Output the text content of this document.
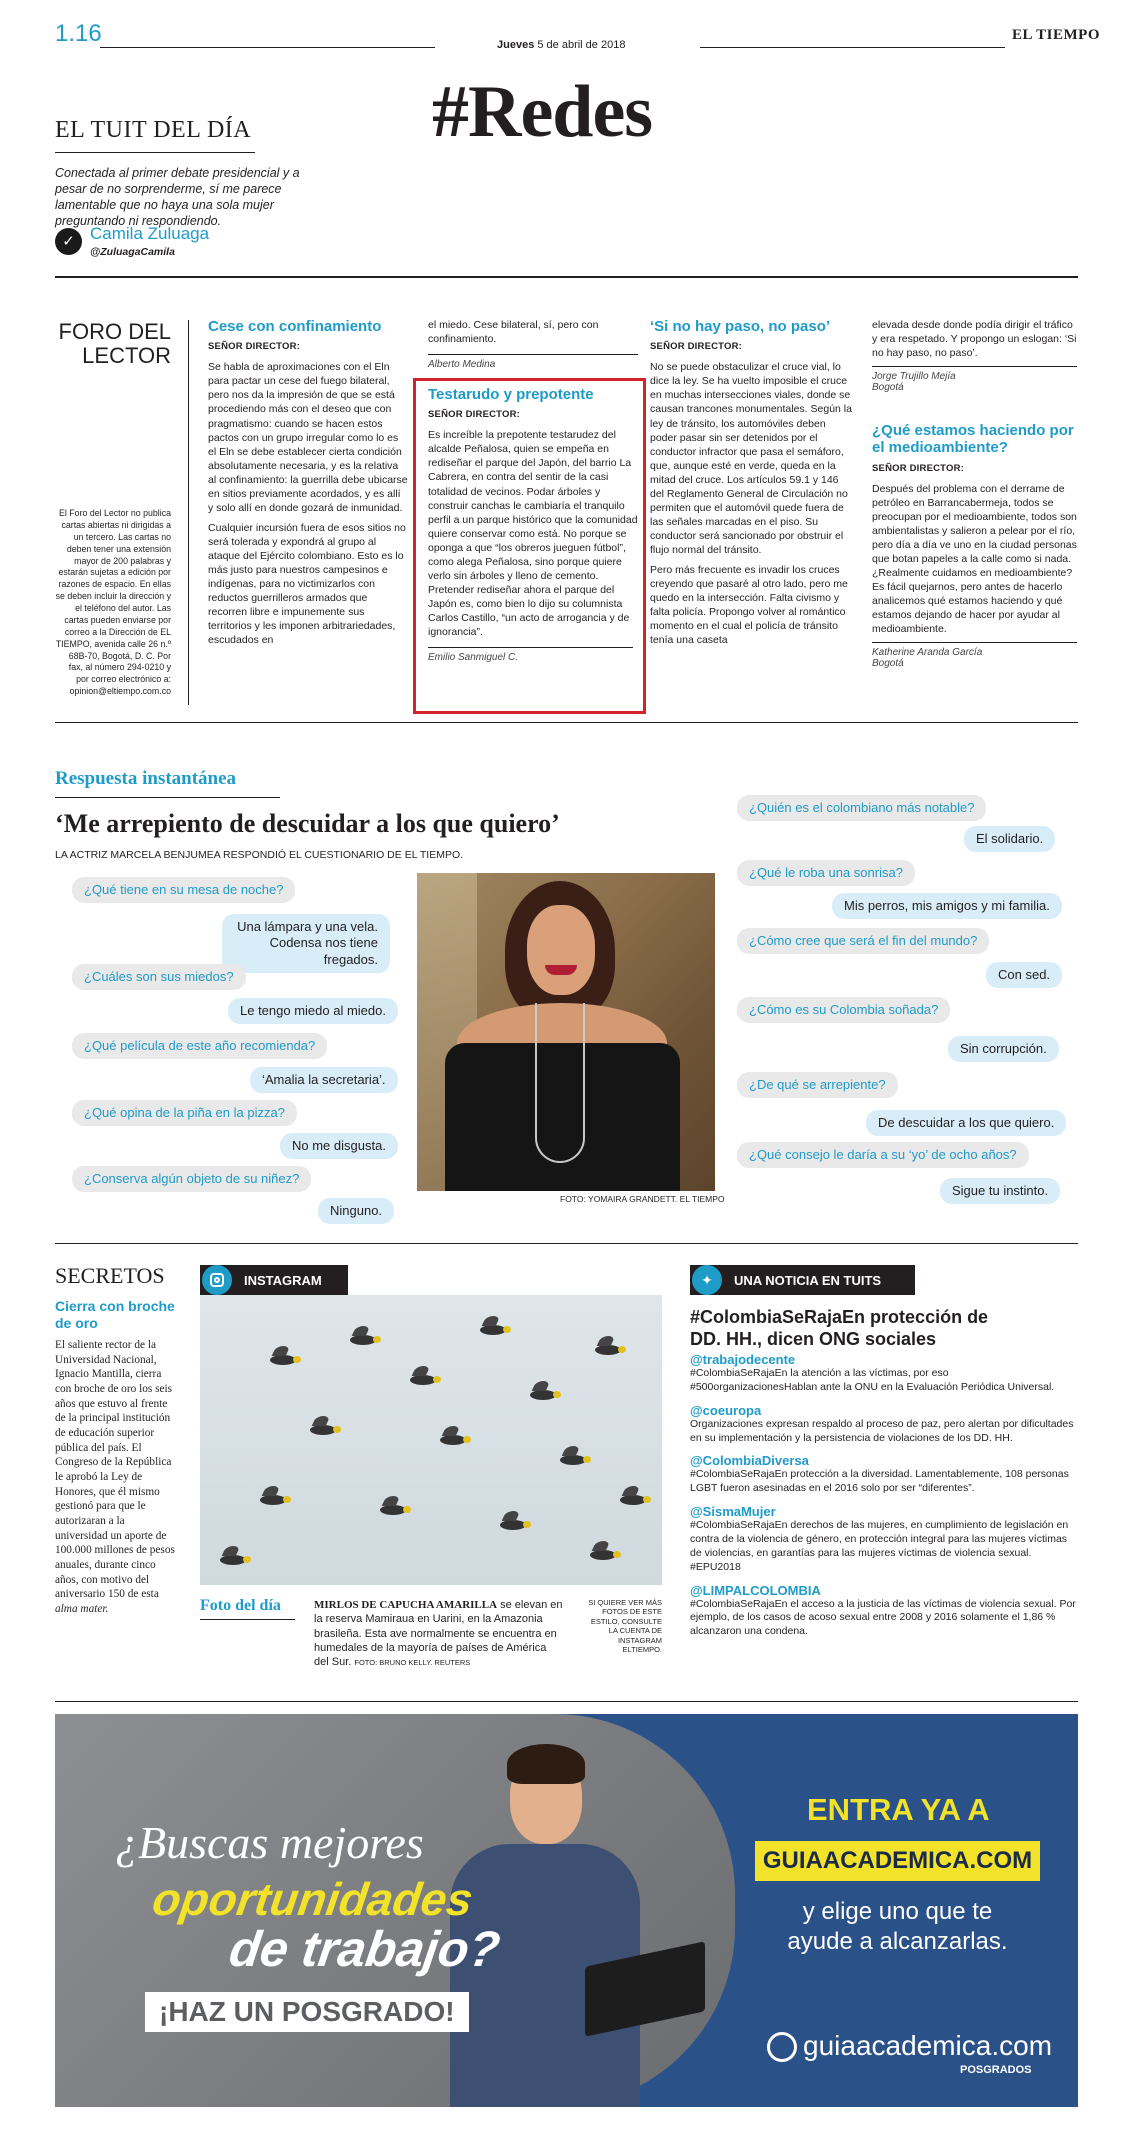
1.16	Jueves 5 de abril de 2018
EL TIEMPO
#Redes
EL TUIT DEL DÍA
Conectada al primer debate presidencial y a pesar de no sorprenderme, sí me parece lamentable que no haya una sola mujer preguntando ni respondiendo.
✓ Camila Zuluaga
@ZuluagaCamila
FORO DEL
LECTOR
El Foro del Lector no publica cartas abiertas ni dirigidas a un tercero. Las cartas no deben tener una extensión mayor de 200 palabras y estarán sujetas a edición por razones de espacio. En ellas se deben incluir la dirección y el teléfono del autor. Las cartas pueden enviarse por correo a la Dirección de EL TIEMPO, avenida calle 26 n.º 68B-70, Bogotá, D. C. Por fax, al número 294-0210 y por correo electrónico a: opinion@eltiempo.com.co
Cese con confinamiento
SEÑOR DIRECTOR:

Se habla de aproximaciones con el Eln para pactar un cese del fuego bilateral, pero nos da la impresión de que se está procediendo más con el deseo que con pragmatismo: cuando se hacen estos pactos con un grupo irregular como lo es el Eln se debe establecer cierta condición absolutamente necesaria, y es la relativa al confinamiento: la guerrilla debe ubicarse en sitios previamente acordados, y es allí y solo allí en donde gozará de inmunidad.

Cualquier incursión fuera de esos sitios no será tolerada y expondrá al grupo al ataque del Ejército colombiano. Esto es lo más justo para nuestros campesinos e indígenas, para no victimizarlos con reductos guerrilleros armados que recorren libre e impunemente sus territorios y les imponen arbitrariedades, escudados en

el miedo. Cese bilateral, sí, pero con confinamiento.

Alberto Medina
Testarudo y prepotente
SEÑOR DIRECTOR:

Es increíble la prepotente testarudez del alcalde Peñalosa, quien se empeña en rediseñar el parque del Japón, del barrio La Cabrera, en contra del sentir de la casi totalidad de vecinos. Podar árboles y construir canchas le cambiaría el tranquilo perfil a un parque histórico que la comunidad quiere conservar como está. No porque se oponga a que “los obreros jueguen fútbol”, como alega Peñalosa, sino porque quiere verlo sin árboles y lleno de cemento. Pretender rediseñar ahora el parque del Japón es, como bien lo dijo su columnista Carlos Castillo, “un acto de arrogancia y de ignorancia”.

Emilio Sanmiguel C.
‘Si no hay paso, no paso’
SEÑOR DIRECTOR:

No se puede obstaculizar el cruce vial, lo dice la ley. Se ha vuelto imposible el cruce en muchas intersecciones viales, donde se causan trancones monumentales. Según la ley de tránsito, los automóviles deben poder pasar sin ser detenidos por el conductor infractor que pasa el semáforo, que, aunque esté en verde, queda en la mitad del cruce. Los artículos 59.1 y 146 del Reglamento General de Circulación no permiten que el automóvil quede fuera de las señales marcadas en el piso. Su conductor será sancionado por obstruir el flujo normal del tránsito.

Pero más frecuente es invadir los cruces creyendo que pasaré al otro lado, pero me quedo en la intersección. Falta civismo y falta policía. Propongo volver al romántico momento en el cual el policía de tránsito tenía una caseta

elevada desde donde podía dirigir el tráfico y era respetado. Y propongo un eslogan: ‘Si no hay paso, no paso’.

Jorge Trujillo Mejía
Bogotá
¿Qué estamos haciendo por el medioambiente?
SEÑOR DIRECTOR:

Después del problema con el derrame de petróleo en Barrancabermeja, todos se preocupan por el medioambiente, todos son ambientalistas y salieron a pelear por el río, pero día a día ve uno en la ciudad personas que botan papeles a la calle como si nada. ¿Realmente cuidamos en medioambiente? Es fácil quejarnos, pero antes de hacerlo analicemos qué estamos haciendo y qué estamos dejando de hacer por ayudar al medioambiente.

Katherine Aranda García
Bogotá
Respuesta instantánea
‘Me arrepiento de descuidar a los que quiero’
LA ACTRIZ MARCELA BENJUMEA RESPONDIÓ EL CUESTIONARIO DE EL TIEMPO.
¿Qué tiene en su mesa de noche?
Una lámpara y una vela.
Codensa nos tiene fregados.
¿Cuáles son sus miedos?
Le tengo miedo al miedo.
¿Qué película de este año recomienda?
‘Amalia la secretaria’.
¿Qué opina de la piña en la pizza?
No me disgusta.
¿Conserva algún objeto de su niñez?
Ninguno.
FOTO: YOMAIRA GRANDETT. EL TIEMPO
¿Quién es el colombiano más notable?
El solidario.
¿Qué le roba una sonrisa?
Mis perros, mis amigos y mi familia.
¿Cómo cree que será el fin del mundo?
Con sed.
¿Cómo es su Colombia soñada?
Sin corrupción.
¿De qué se arrepiente?
De descuidar a los que quiero.
¿Qué consejo le daría a su ‘yo’ de ocho años?
Sigue tu instinto.
SECRETOS
Cierra con broche de oro
El saliente rector de la Universidad Nacional, Ignacio Mantilla, cierra con broche de oro los seis años que estuvo al frente de la principal institución de educación superior pública del país. El Congreso de la República le aprobó la Ley de Honores, que él mismo gestionó para que le autorizaran a la universidad un aporte de 100.000 millones de pesos anuales, durante cinco años, con motivo del aniversario 150 de esta alma mater.
INSTAGRAM
Foto del día	MIRLOS DE CAPUCHA AMARILLA se elevan en la reserva Mamiraua en Uarini, en la Amazonia brasileña. Esta ave normalmente se encuentra en humedales de la mayoría de países de América del Sur. FOTO: BRUNO KELLY. REUTERS
SI QUIERE VER MÁS FOTOS DE ESTE ESTILO, CONSULTE LA CUENTA DE INSTAGRAM ELTIEMPO.
✦	UNA NOTICIA EN TUITS
#ColombiaSeRajaEn protección de DD. HH., dicen ONG sociales
@trabajodecente
#ColombiaSeRajaEn la atención a las víctimas, por eso #500organizacionesHablan ante la ONU en la Evaluación Periódica Universal.
@coeuropa
Organizaciones expresan respaldo al proceso de paz, pero alertan por dificultades en su implementación y la persistencia de violaciones de los DD. HH.
@ColombiaDiversa
#ColombiaSeRajaEn protección a la diversidad. Lamentablemente, 108 personas LGBT fueron asesinadas en el 2016 solo por ser “diferentes”.
@SismaMujer
#ColombiaSeRajaEn derechos de las mujeres, en cumplimiento de legislación en contra de la violencia de género, en protección integral para las mujeres víctimas de violencias, en garantías para las mujeres víctimas de violencia sexual. #EPU2018
@LIMPALCOLOMBIA
#ColombiaSeRajaEn el acceso a la justicia de las víctimas de violencia sexual. Por ejemplo, de los casos de acoso sexual entre 2008 y 2016 solamente el 1,86 % alcanzaron una condena.
¿Buscas mejores
oportunidades
de trabajo?
¡HAZ UN POSGRADO!
ENTRA YA A
GUIAACADEMICA.COM
y elige uno que te
ayude a alcanzarlas.
guiaacademica.com
POSGRADOS
